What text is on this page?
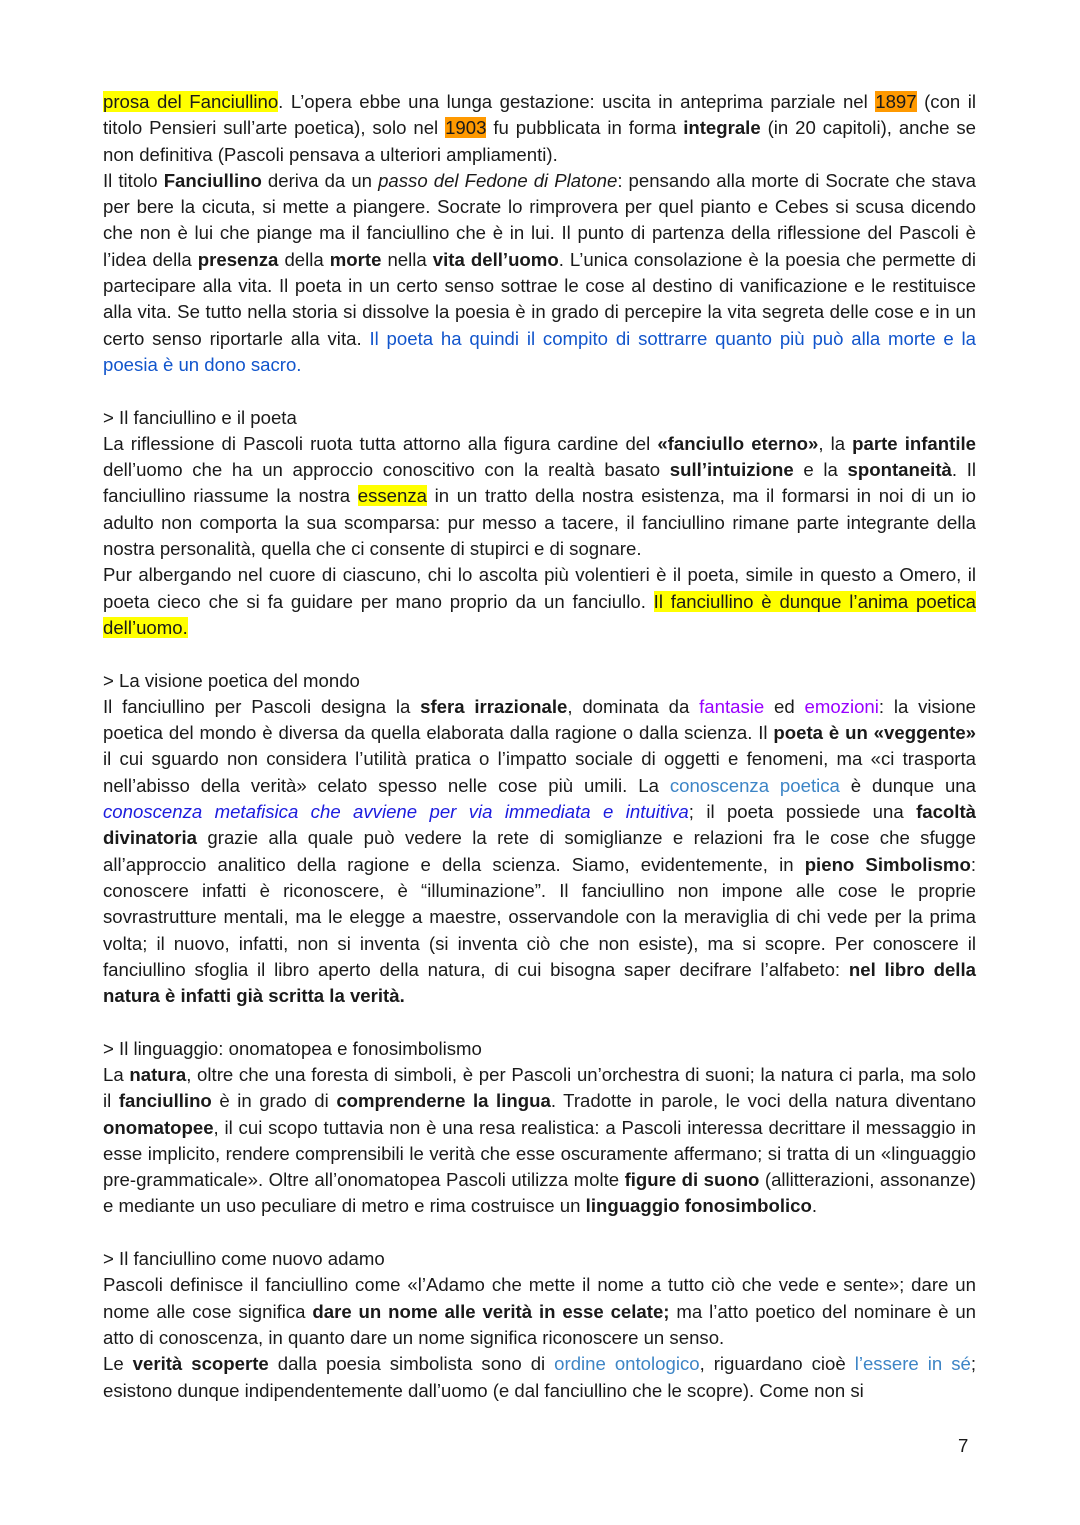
prosa del Fanciullino. L’opera ebbe una lunga gestazione: uscita in anteprima parziale nel 1897 (con il titolo Pensieri sull’arte poetica), solo nel 1903 fu pubblicata in forma integrale (in 20 capitoli), anche se non definitiva (Pascoli pensava a ulteriori ampliamenti).

Il titolo Fanciullino deriva da un passo del Fedone di Platone: pensando alla morte di Socrate che stava per bere la cicuta, si mette a piangere. Socrate lo rimprovera per quel pianto e Cebes si scusa dicendo che non è lui che piange ma il fanciullino che è in lui. Il punto di partenza della riflessione del Pascoli è l’idea della presenza della morte nella vita dell’uomo. L’unica consolazione è la poesia che permette di partecipare alla vita. Il poeta in un certo senso sottrae le cose al destino di vanificazione e le restituisce alla vita. Se tutto nella storia si dissolve la poesia è in grado di percepire la vita segreta delle cose e in un certo senso riportarle alla vita. Il poeta ha quindi il compito di sottrarre quanto più può alla morte e la poesia è un dono sacro.

> Il fanciullino e il poeta

La riflessione di Pascoli ruota tutta attorno alla figura cardine del «fanciullo eterno», la parte infantile dell’uomo che ha un approccio conoscitivo con la realtà basato sull’intuizione e la spontaneità. Il fanciullino riassume la nostra essenza in un tratto della nostra esistenza, ma il formarsi in noi di un io adulto non comporta la sua scomparsa: pur messo a tacere, il fanciullino rimane parte integrante della nostra personalità, quella che ci consente di stupirci e di sognare.

Pur albergando nel cuore di ciascuno, chi lo ascolta più volentieri è il poeta, simile in questo a Omero, il poeta cieco che si fa guidare per mano proprio da un fanciullo. Il fanciullino è dunque l’anima poetica dell’uomo.

> La visione poetica del mondo

Il fanciullino per Pascoli designa la sfera irrazionale, dominata da fantasie ed emozioni: la visione poetica del mondo è diversa da quella elaborata dalla ragione o dalla scienza. Il poeta è un «veggente» il cui sguardo non considera l’utilità pratica o l’impatto sociale di oggetti e fenomeni, ma «ci trasporta nell’abisso della verità» celato spesso nelle cose più umili. La conoscenza poetica è dunque una conoscenza metafisica che avviene per via immediata e intuitiva; il poeta possiede una facoltà divinatoria grazie alla quale può vedere la rete di somiglianze e relazioni fra le cose che sfugge all’approccio analitico della ragione e della scienza. Siamo, evidentemente, in pieno Simbolismo: conoscere infatti è riconoscere, è “illuminazione”. Il fanciullino non impone alle cose le proprie sovrastrutture mentali, ma le elegge a maestre, osservandole con la meraviglia di chi vede per la prima volta; il nuovo, infatti, non si inventa (si inventa ciò che non esiste), ma si scopre. Per conoscere il fanciullino sfoglia il libro aperto della natura, di cui bisogna saper decifrare l’alfabeto: nel libro della natura è infatti già scritta la verità.

> Il linguaggio: onomatopea e fonosimbolismo

La natura, oltre che una foresta di simboli, è per Pascoli un’orchestra di suoni; la natura ci parla, ma solo il fanciullino è in grado di comprenderne la lingua. Tradotte in parole, le voci della natura diventano onomatopee, il cui scopo tuttavia non è una resa realistica: a Pascoli interessa decrittare il messaggio in esse implicito, rendere comprensibili le verità che esse oscuramente affermano; si tratta di un «linguaggio pre-grammaticale». Oltre all’onomatopea Pascoli utilizza molte figure di suono (allitterazioni, assonanze) e mediante un uso peculiare di metro e rima costruisce un linguaggio fonosimbolico.

> Il fanciullino come nuovo adamo

Pascoli definisce il fanciullino come «l’Adamo che mette il nome a tutto ciò che vede e sente»; dare un nome alle cose significa dare un nome alle verità in esse celate; ma l’atto poetico del nominare è un atto di conoscenza, in quanto dare un nome significa riconoscere un senso.

Le verità scoperte dalla poesia simbolista sono di ordine ontologico, riguardano cioè l’essere in sé; esistono dunque indipendentemente dall’uomo (e dal fanciullino che le scopre). Come non si

7
